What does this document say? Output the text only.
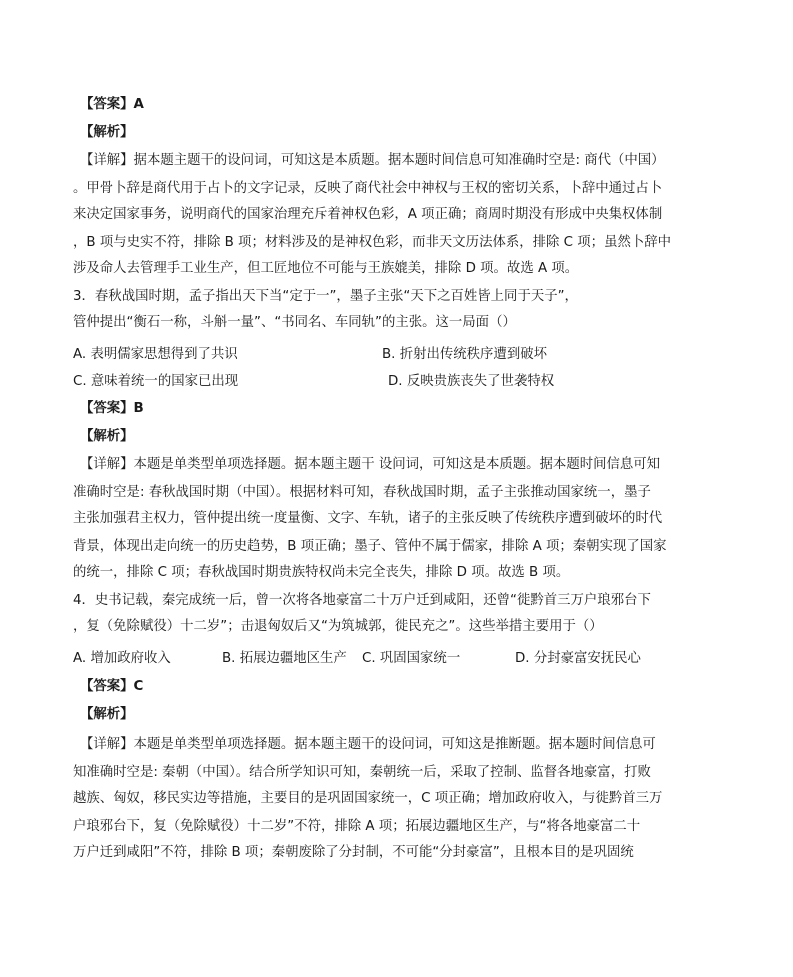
【答案】A
【解析】
【详解】据本题主题干的设问词，可知这是本质题。据本题时间信息可知准确时空是: 商代（中国）
。甲骨卜辞是商代用于占卜的文字记录，反映了商代社会中神权与王权的密切关系，卜辞中通过占卜
来决定国家事务，说明商代的国家治理充斥着神权色彩，A 项正确；商周时期没有形成中央集权体制
，B 项与史实不符，排除 B 项；材料涉及的是神权色彩，而非天文历法体系，排除 C 项；虽然卜辞中
涉及命人去管理手工业生产，但工匠地位不可能与王族媲美，排除 D 项。故选 A 项。
3．春秋战国时期，孟子指出天下当“定于一”，墨子主张“天下之百姓皆上同于天子”，
管仲提出“衡石一称，斗斛一量”、“书同名、车同轨”的主张。这一局面（）
A. 表明儒家思想得到了共识	B. 折射出传统秩序遭到破坏
C. 意味着统一的国家已出现	D. 反映贵族丧失了世袭特权
【答案】B
【解析】
【详解】本题是单类型单项选择题。据本题主题干 设问词，可知这是本质题。据本题时间信息可知
准确时空是: 春秋战国时期（中国）。根据材料可知，春秋战国时期，孟子主张推动国家统一，墨子
主张加强君主权力，管仲提出统一度量衡、文字、车轨，诸子的主张反映了传统秩序遭到破坏的时代
背景，体现出走向统一的历史趋势，B 项正确；墨子、管仲不属于儒家，排除 A 项；秦朝实现了国家
的统一，排除 C 项；春秋战国时期贵族特权尚未完全丧失，排除 D 项。故选 B 项。
4．史书记载，秦完成统一后，曾一次将各地豪富二十万户迁到咸阳，还曾“徙黔首三万户琅邪台下
，复（免除赋役）十二岁”；击退匈奴后又“为筑城郭，徙民充之”。这些举措主要用于（）
A. 增加政府收入	B. 拓展边疆地区生产 C. 巩固国家统一	D. 分封豪富安抚民心
【答案】C
【解析】
【详解】本题是单类型单项选择题。据本题主题干的设问词，可知这是推断题。据本题时间信息可
知准确时空是: 秦朝（中国）。结合所学知识可知，秦朝统一后，采取了控制、监督各地豪富，打败
越族、匈奴，移民实边等措施，主要目的是巩固国家统一，C 项正确；增加政府收入，与徙黔首三万
户琅邪台下，复（免除赋役）十二岁”不符，排除 A 项；拓展边疆地区生产，与“将各地豪富二十
万户迁到咸阳”不符，排除 B 项；秦朝废除了分封制，不可能“分封豪富”，且根本目的是巩固统
